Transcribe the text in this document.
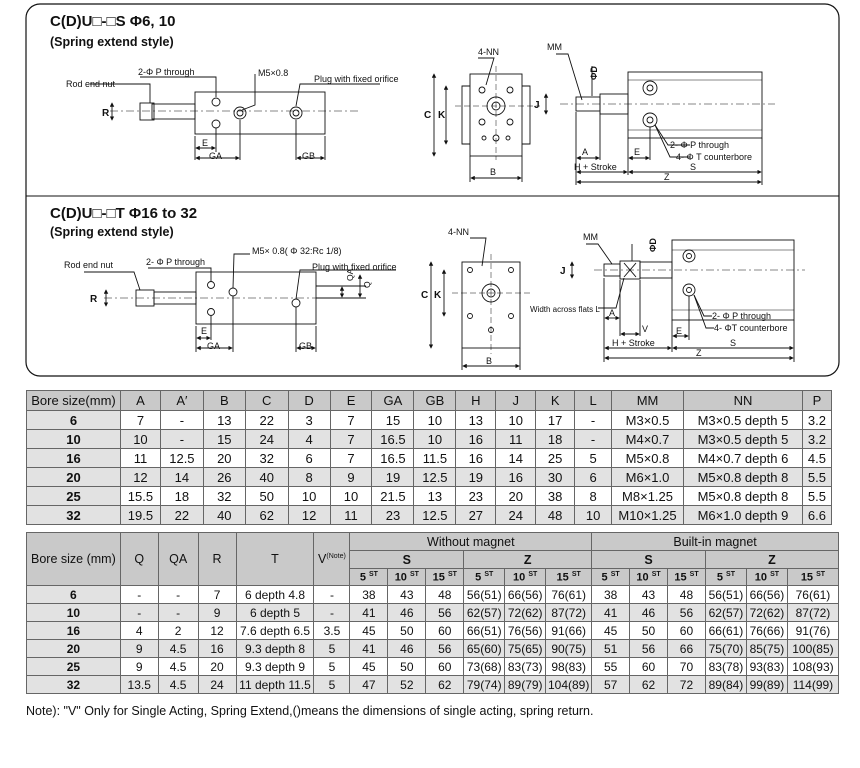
C(D)U□-□S Φ6, 10
(Spring extend style)
Rod end nut
2-Φ P through	M5×0.8
Plug with fixed orifice
R
E
GA	GB
4-NN
C K
B
MM
ΦD
J
A
H + Stroke
E
S
Z
2- Φ P through
4- Φ T counterbore
C(D)U□-□T Φ16 to 32
(Spring extend style)
Rod end nut	2- Φ P through
M5× 0.8( Φ 32:Rc 1/8)
Plug with fixed orifice
R
E
GA	GB
QA
Q
4-NN
C K
B
MM
ΦD
J
Width across flats L A
V	E
H + Stroke	S
Z
2- Φ P through
4- ΦT counterbore
Bore size(mm)	A	A′	B	C	D	E	GA	GB	H	J	K	L	MM	NN	P
6	7	-	13	22	3	7	15	10	13	10	17	-	M3×0.5	M3×0.5 depth 5	3.2
10	10	-	15	24	4	7	16.5	10	16	11	18	-	M4×0.7	M3×0.5 depth 5	3.2
16	11	12.5	20	32	6	7	16.5	11.5	16	14	25	5	M5×0.8	M4×0.7 depth 6	4.5
20	12	14	26	40	8	9	19	12.5	19	16	30	6	M6×1.0	M5×0.8 depth 8	5.5
25	15.5	18	32	50	10	10	21.5	13	23	20	38	8	M8×1.25	M5×0.8 depth 8	5.5
32	19.5	22	40	62	12	11	23	12.5	27	24	48	10	M10×1.25	M6×1.0 depth 9	6.6
Bore size (mm)	Q	QA	R	T	$V^{(Note)}$	Without magnet						Built-in magnet					
						S			Z			S			Z		
						5 $^{ST}$	10 $^{ST}$	15 $^{ST}$	5 $^{ST}$	10 $^{ST}$	15 $^{ST}$	5 $^{ST}$	10 $^{ST}$	15 $^{ST}$	5 $^{ST}$	10 $^{ST}$	15 $^{ST}$
6	-	-	7	6 depth 4.8	-	38	43	48	56(51)	66(56)	76(61)	38	43	48	56(51)	66(56)	76(61)
10	-	-	9	6 depth 5	-	41	46	56	62(57)	72(62)	87(72)	41	46	56	62(57)	72(62)	87(72)
16	4	2	12	7.6 depth 6.5	3.5	45	50	60	66(51)	76(56)	91(66)	45	50	60	66(61)	76(66)	91(76)
20	9	4.5	16	9.3 depth 8	5	41	46	56	65(60)	75(65)	90(75)	51	56	66	75(70)	85(75)	100(85)
25	9	4.5	20	9.3 depth 9	5	45	50	60	73(68)	83(73)	98(83)	55	60	70	83(78)	93(83)	108(93)
32	13.5	4.5	24	11 depth 11.5	5	47	52	62	79(74)	89(79)	104(89)	57	62	72	89(84)	99(89)	114(99)
Note): "V" Only for Single Acting, Spring Extend,()means the dimensions of single acting, spring return.
